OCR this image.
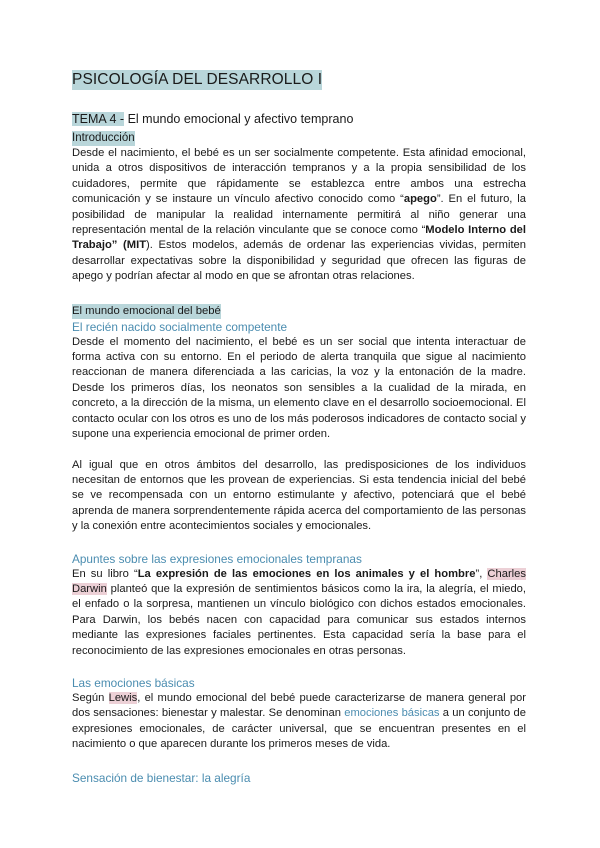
PSICOLOGÍA DEL DESARROLLO I
TEMA 4 - El mundo emocional y afectivo temprano
Introducción

Desde el nacimiento, el bebé es un ser socialmente competente. Esta afinidad emocional, unida a otros dispositivos de interacción tempranos y a la propia sensibilidad de los cuidadores, permite que rápidamente se establezca entre ambos una estrecha comunicación y se instaure un vínculo afectivo conocido como “apego”. En el futuro, la posibilidad de manipular la realidad internamente permitirá al niño generar una representación mental de la relación vinculante que se conoce como “Modelo Interno del Trabajo” (MIT). Estos modelos, además de ordenar las experiencias vividas, permiten desarrollar expectativas sobre la disponibilidad y seguridad que ofrecen las figuras de apego y podrían afectar al modo en que se afrontan otras relaciones.

El mundo emocional del bebé
El recién nacido socialmente competente

Desde el momento del nacimiento, el bebé es un ser social que intenta interactuar de forma activa con su entorno. En el periodo de alerta tranquila que sigue al nacimiento reaccionan de manera diferenciada a las caricias, la voz y la entonación de la madre. Desde los primeros días, los neonatos son sensibles a la cualidad de la mirada, en concreto, a la dirección de la misma, un elemento clave en el desarrollo socioemocional. El contacto ocular con los otros es uno de los más poderosos indicadores de contacto social y supone una experiencia emocional de primer orden.

Al igual que en otros ámbitos del desarrollo, las predisposiciones de los individuos necesitan de entornos que les provean de experiencias. Si esta tendencia inicial del bebé se ve recompensada con un entorno estimulante y afectivo, potenciará que el bebé aprenda de manera sorprendentemente rápida acerca del comportamiento de las personas y la conexión entre acontecimientos sociales y emocionales.

Apuntes sobre las expresiones emocionales tempranas

En su libro “La expresión de las emociones en los animales y el hombre”, Charles Darwin planteó que la expresión de sentimientos básicos como la ira, la alegría, el miedo, el enfado o la sorpresa, mantienen un vínculo biológico con dichos estados emocionales. Para Darwin, los bebés nacen con capacidad para comunicar sus estados internos mediante las expresiones faciales pertinentes. Esta capacidad sería la base para el reconocimiento de las expresiones emocionales en otras personas.

Las emociones básicas

Según Lewis, el mundo emocional del bebé puede caracterizarse de manera general por dos sensaciones: bienestar y malestar. Se denominan emociones básicas a un conjunto de expresiones emocionales, de carácter universal, que se encuentran presentes en el nacimiento o que aparecen durante los primeros meses de vida.

Sensación de bienestar: la alegría
